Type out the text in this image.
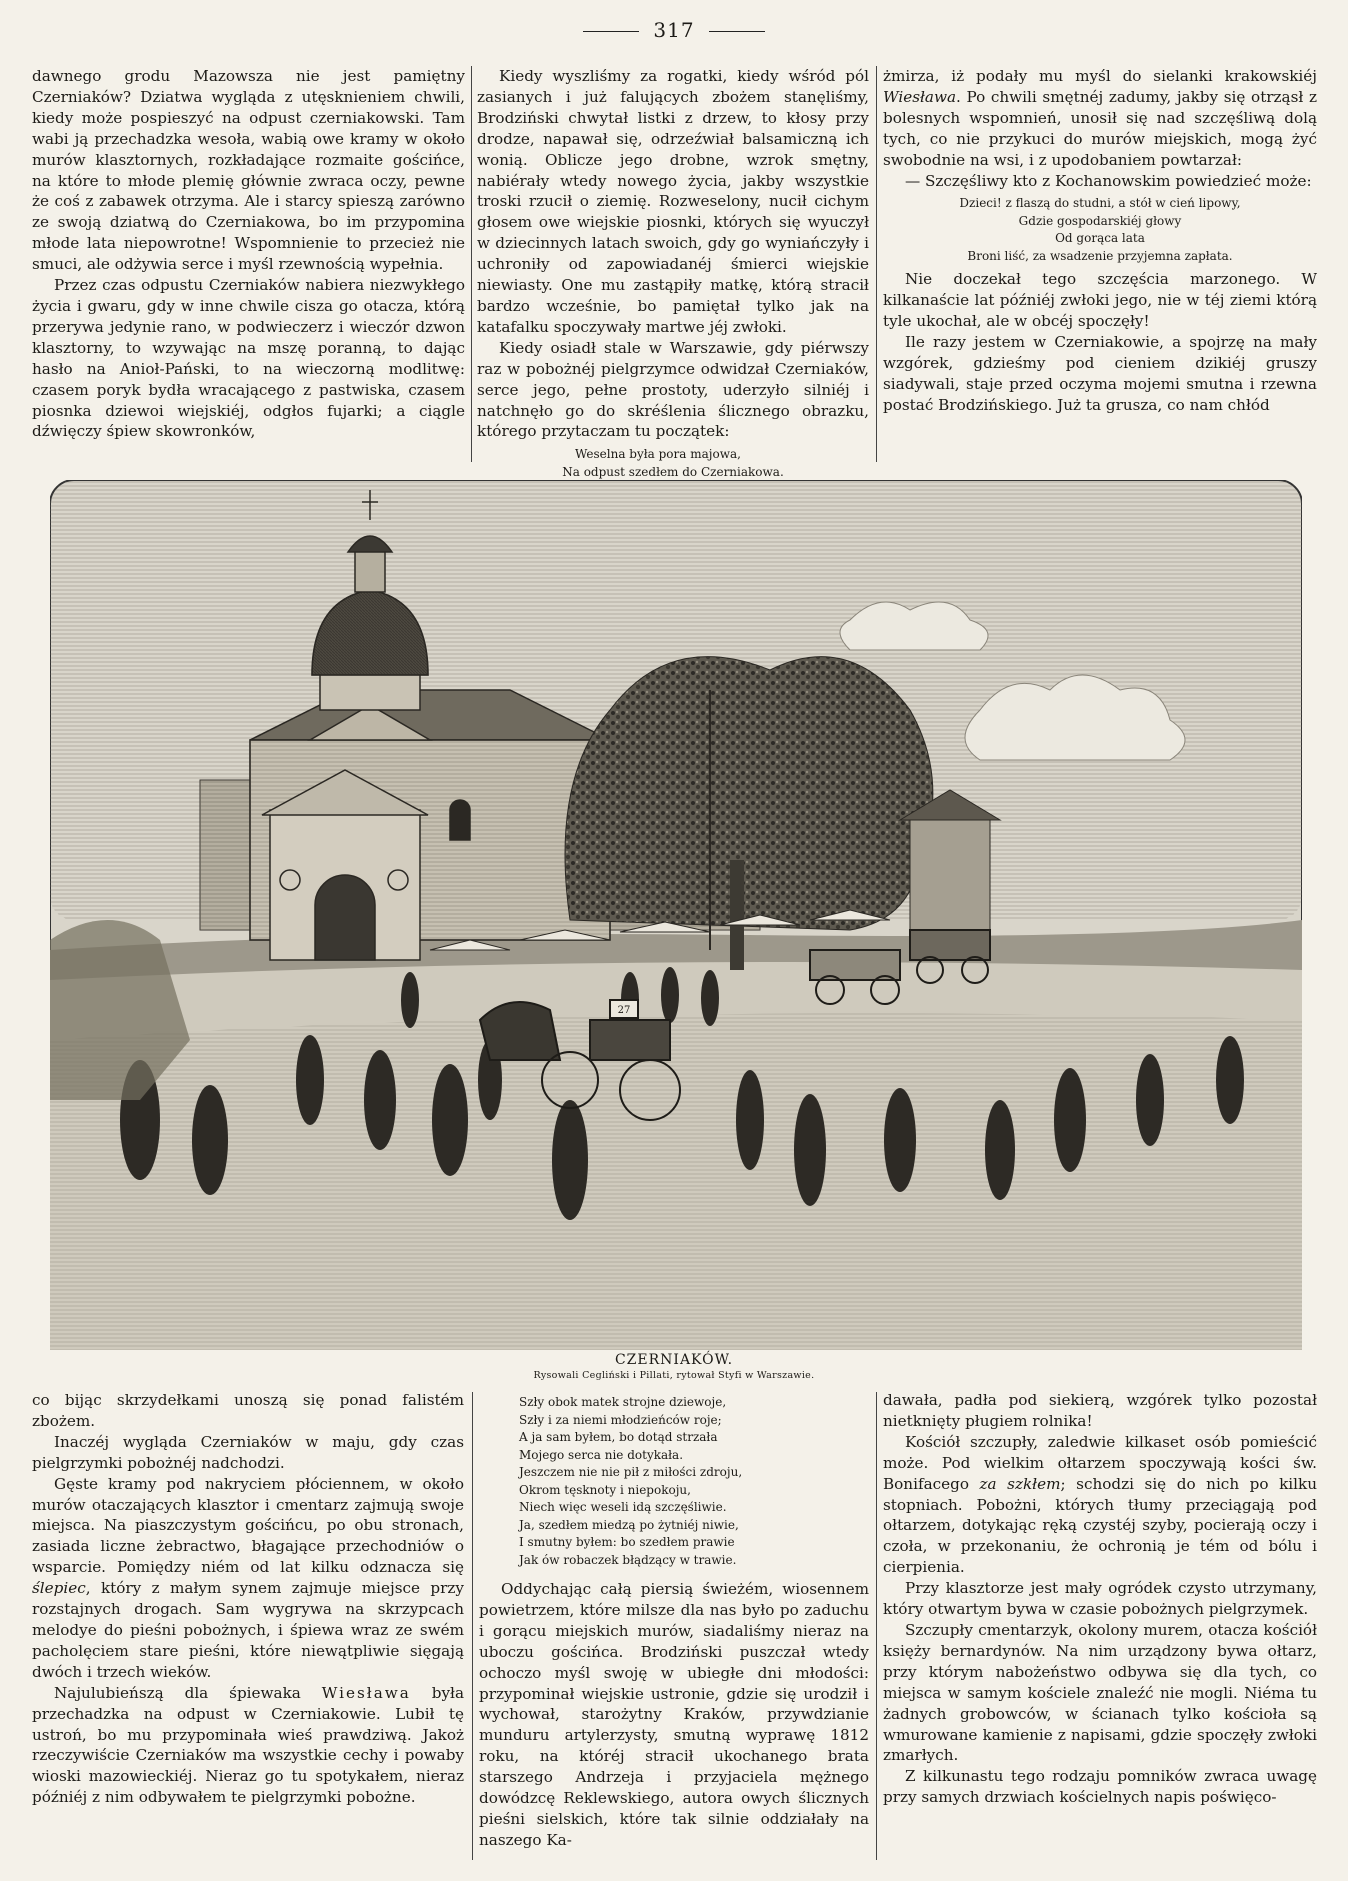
317

dawnego grodu Mazowsza nie jest pamiętny Czerniaków? Dziatwa wygląda z utęsknieniem chwili, kiedy może pospieszyć na odpust czerniakowski. Tam wabi ją przechadzka wesoła, wabią owe kramy w około murów klasztornych, rozkładające rozmaite gościńce, na które to młode plemię głównie zwraca oczy, pewne że coś z zabawek otrzyma. Ale i starcy spieszą zarówno ze swoją dziatwą do Czerniakowa, bo im przypomina młode lata niepowrotne! Wspomnienie to przecież nie smuci, ale odżywia serce i myśl rzewnością wypełnia.

Przez czas odpustu Czerniaków nabiera niezwykłego życia i gwaru, gdy w inne chwile cisza go otacza, którą przerywa jedynie rano, w podwieczerz i wieczór dzwon klasztorny, to wzywając na mszę poranną, to dając hasło na Anioł-Pański, to na wieczorną modlitwę: czasem poryk bydła wracającego z pastwiska, czasem piosnka dziewoi wiejskiéj, odgłos fujarki; a ciągle dźwięczy śpiew skowronków,

Kiedy wyszliśmy za rogatki, kiedy wśród pól zasianych i już falujących zbożem stanęliśmy, Brodziński chwytał listki z drzew, to kłosy przy drodze, napawał się, odrzeźwiał balsamiczną ich wonią. Oblicze jego drobne, wzrok smętny, nabiérały wtedy nowego życia, jakby wszystkie troski rzucił o ziemię. Rozweselony, nucił cichym głosem owe wiejskie piosnki, których się wyuczył w dziecinnych latach swoich, gdy go wyniańczyły i uchroniły od zapowiadanéj śmierci wiejskie niewiasty. One mu zastąpiły matkę, którą stracił bardzo wcześnie, bo pamiętał tylko jak na katafalku spoczywały martwe jéj zwłoki.

Kiedy osiadł stale w Warszawie, gdy piérwszy raz w pobożnéj pielgrzymce odwidzał Czerniaków, serce jego, pełne prostoty, uderzyło silniéj i natchnęło go do skréślenia ślicznego obrazku, którego przytaczam tu początek:

Weselna była pora majowa,
Na odpust szedłem do Czerniakowa.

żmirza, iż podały mu myśl do sielanki krakowskiéj Wiesława. Po chwili smętnéj zadumy, jakby się otrząsł z bolesnych wspomnień, unosił się nad szczęśliwą dolą tych, co nie przykuci do murów miejskich, mogą żyć swobodnie na wsi, i z upodobaniem powtarzał:

— Szczęśliwy kto z Kochanowskim powiedzieć może:

Dzieci! z flaszą do studni, a stół w cień lipowy,
Gdzie gospodarskiéj głowy
Od gorąca lata
Broni liść, za wsadzenie przyjemna zapłata.

Nie doczekał tego szczęścia marzonego. W kilkanaście lat późniéj zwłoki jego, nie w téj ziemi którą tyle ukochał, ale w obcéj spoczęły!

Ile razy jestem w Czerniakowie, a spojrzę na mały wzgórek, gdzieśmy pod cieniem dzikiéj gruszy siadywali, staje przed oczyma mojemi smutna i rzewna postać Brodzińskiego. Już ta grusza, co nam chłód

27
CZERNIAKÓW.
Rysowali Cegliński i Pillati, rytował Styfi w Warszawie.

co bijąc skrzydełkami unoszą się ponad falistém zbożem.

Inaczéj wygląda Czerniaków w maju, gdy czas pielgrzymki pobożnéj nadchodzi.

Gęste kramy pod nakryciem płóciennem, w około murów otaczających klasztor i cmentarz zajmują swoje miejsca. Na piaszczystym gościńcu, po obu stronach, zasiada liczne żebractwo, błagające przechodniów o wsparcie. Pomiędzy niém od lat kilku odznacza się ślepiec, który z małym synem zajmuje miejsce przy rozstajnych drogach. Sam wygrywa na skrzypcach melodye do pieśni pobożnych, i śpiewa wraz ze swém pacholęciem stare pieśni, które niewątpliwie sięgają dwóch i trzech wieków.

Najulubieńszą dla śpiewaka Wiesława była przechadzka na odpust w Czerniakowie. Lubił tę ustroń, bo mu przypominała wieś prawdziwą. Jakoż rzeczywiście Czerniaków ma wszystkie cechy i powaby wioski mazowieckiéj. Nieraz go tu spotykałem, nieraz późniéj z nim odbywałem te pielgrzymki pobożne.

Szły obok matek strojne dziewoje,
Szły i za niemi młodzieńców roje;
A ja sam byłem, bo dotąd strzała
Mojego serca nie dotykała.
Jeszczem nie nie pił z miłości zdroju,
Okrom tęsknoty i niepokoju,
Niech więc weseli idą szczęśliwie.
Ja, szedłem miedzą po żytniéj niwie,
I smutny byłem: bo szedłem prawie
Jak ów robaczek błądzący w trawie.

Oddychając całą piersią świeżém, wiosennem powietrzem, które milsze dla nas było po zaduchu i gorącu miejskich murów, siadaliśmy nieraz na uboczu gościńca. Brodziński puszczał wtedy ochoczo myśl swoję w ubiegłe dni młodości: przypominał wiejskie ustronie, gdzie się urodził i wychował, starożytny Kraków, przywdzianie munduru artylerzysty, smutną wyprawę 1812 roku, na któréj stracił ukochanego brata starszego Andrzeja i przyjaciela mężnego dowódzcę Reklewskiego, autora owych ślicznych pieśni sielskich, które tak silnie oddziałały na naszego Ka-

dawała, padła pod siekierą, wzgórek tylko pozostał nietknięty pługiem rolnika!

Kościół szczupły, zaledwie kilkaset osób pomieścić może. Pod wielkim ołtarzem spoczywają kości św. Bonifacego za szkłem; schodzi się do nich po kilku stopniach. Pobożni, których tłumy przeciągają pod ołtarzem, dotykając ręką czystéj szyby, pocierają oczy i czoła, w przekonaniu, że ochronią je tém od bólu i cierpienia.

Przy klasztorze jest mały ogródek czysto utrzymany, który otwartym bywa w czasie pobożnych pielgrzymek.

Szczupły cmentarzyk, okolony murem, otacza kościół księży bernardynów. Na nim urządzony bywa ołtarz, przy którym nabożeństwo odbywa się dla tych, co miejsca w samym kościele znaleźć nie mogli. Niéma tu żadnych grobowców, w ścianach tylko kościoła są wmurowane kamienie z napisami, gdzie spoczęły zwłoki zmarłych.

Z kilkunastu tego rodzaju pomników zwraca uwagę przy samych drzwiach kościelnych napis poświęco-
